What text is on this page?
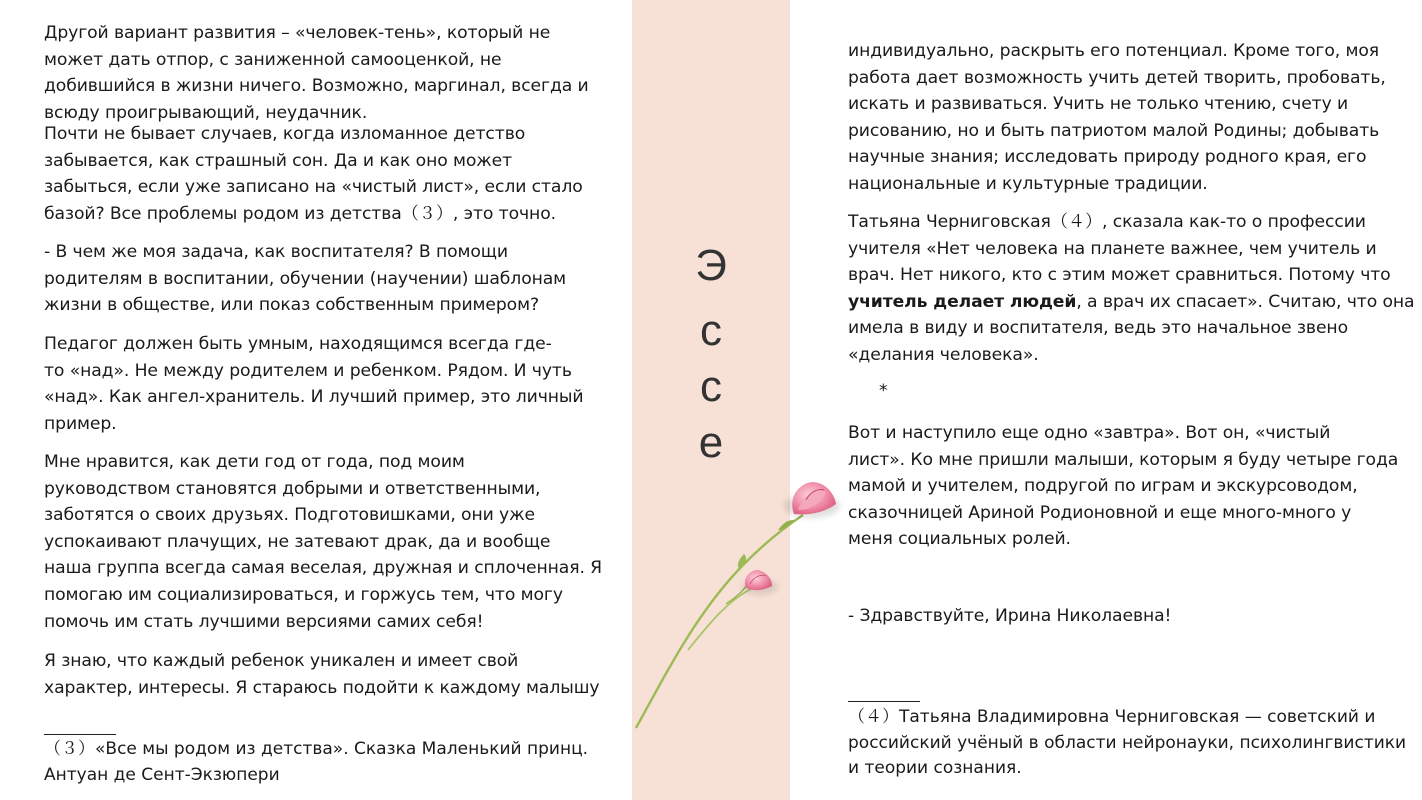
Другой вариант развития – «человек-тень», который не
может дать отпор, с заниженной самооценкой, не
добившийся в жизни ничего. Возможно, маргинал, всегда и
всюду проигрывающий, неудачник.

Почти не бывает случаев, когда изломанное детство
забывается, как страшный сон. Да и как оно может
забыться, если уже записано на «чистый лист», если стало
базой? Все проблемы родом из детства（３）, это точно.

- В чем же моя задача, как воспитателя? В помощи
родителям в воспитании, обучении (научении) шаблонам
жизни в обществе, или показ собственным примером?

Педагог должен быть умным, находящимся всегда где-
то «над». Не между родителем и ребенком. Рядом. И чуть
«над». Как ангел-хранитель. И лучший пример, это личный
пример.

Мне нравится, как дети год от года, под моим
руководством становятся добрыми и ответственными,
заботятся о своих друзьях. Подготовишками, они уже
успокаивают плачущих, не затевают драк, да и вообще
наша группа всегда самая веселая, дружная и сплоченная. Я
помогаю им социализироваться, и горжусь тем, что могу
помочь им стать лучшими версиями самих себя!

Я знаю, что каждый ребенок уникален и имеет свой
характер, интересы. Я стараюсь подойти к каждому малышу

（３）«Все мы родом из детства». Сказка Маленький принц.
Антуан де Сент-Экзюпери

Э
с
с
е

индивидуально, раскрыть его потенциал. Кроме того, моя
работа дает возможность учить детей творить, пробовать,
искать и развиваться. Учить не только чтению, счету и
рисованию, но и быть патриотом малой Родины; добывать
научные знания; исследовать природу родного края, его
национальные и культурные традиции.

Татьяна Черниговская（４）, сказала как-то о профессии
учителя «Нет человека на планете важнее, чем учитель и
врач. Нет никого, кто с этим может сравниться. Потому что
учитель делает людей, а врач их спасает». Считаю, что она
имела в виду и воспитателя, ведь это начальное звено
«делания человека».

*

Вот и наступило еще одно «завтра». Вот он, «чистый
лист». Ко мне пришли малыши, которым я буду четыре года
мамой и учителем, подругой по играм и экскурсоводом,
сказочницей Ариной Родионовной и еще много-много у
меня социальных ролей.

- Здравствуйте, Ирина Николаевна!

（４）Татьяна Владимировна Черниговская — советский и
российский учёный в области нейронауки, психолингвистики
и теории сознания.
